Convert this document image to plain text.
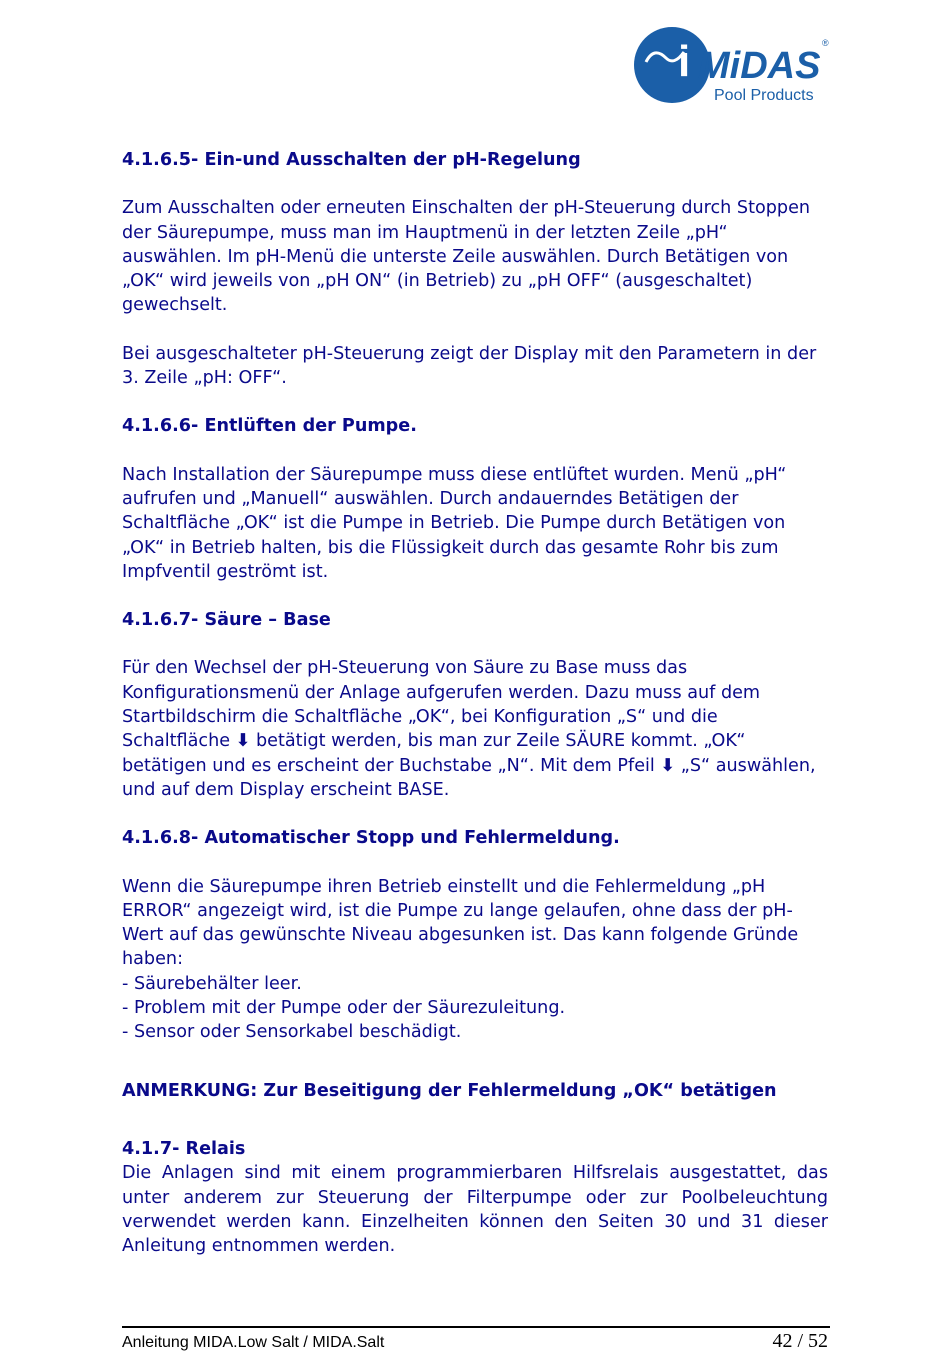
i MiDAS
®
Pool Products

4.1.6.5- Ein-und Ausschalten der pH-Regelung

Zum Ausschalten oder erneuten Einschalten der pH-Steuerung durch Stoppen der Säurepumpe, muss man im Hauptmenü in der letzten Zeile „pH“ auswählen. Im pH-Menü die unterste Zeile auswählen. Durch Betätigen von „OK“ wird jeweils von „pH ON“ (in Betrieb) zu „pH OFF“ (ausgeschaltet) gewechselt.

Bei ausgeschalteter pH-Steuerung zeigt der Display mit den Parametern in der 3. Zeile „pH: OFF“.

4.1.6.6- Entlüften der Pumpe.

Nach Installation der Säurepumpe muss diese entlüftet wurden. Menü „pH“ aufrufen und „Manuell“ auswählen. Durch andauerndes Betätigen der Schaltfläche „OK“ ist die Pumpe in Betrieb. Die Pumpe durch Betätigen von „OK“ in Betrieb halten, bis die Flüssigkeit durch das gesamte Rohr bis zum Impfventil geströmt ist.

4.1.6.7- Säure – Base

Für den Wechsel der pH-Steuerung von Säure zu Base muss das Konfigurationsmenü der Anlage aufgerufen werden. Dazu muss auf dem Startbildschirm die Schaltfläche „OK“, bei Konfiguration „S“ und die Schaltfläche ⬇ betätigt werden, bis man zur Zeile SÄURE kommt. „OK“ betätigen und es erscheint der Buchstabe „N“. Mit dem Pfeil ⬇ „S“ auswählen, und auf dem Display erscheint BASE.

4.1.6.8- Automatischer Stopp und Fehlermeldung.

Wenn die Säurepumpe ihren Betrieb einstellt und die Fehlermeldung „pH ERROR“ angezeigt wird, ist die Pumpe zu lange gelaufen, ohne dass der pH-Wert auf das gewünschte Niveau abgesunken ist. Das kann folgende Gründe haben:

- Säurebehälter leer.
- Problem mit der Pumpe oder der Säurezuleitung.
- Sensor oder Sensorkabel beschädigt.

ANMERKUNG: Zur Beseitigung der Fehlermeldung „OK“ betätigen

4.1.7- Relais

Die Anlagen sind mit einem programmierbaren Hilfsrelais ausgestattet, das unter anderem zur Steuerung der Filterpumpe oder zur Poolbeleuchtung verwendet werden kann. Einzelheiten können den Seiten 30 und 31 dieser Anleitung entnommen werden.

Anleitung MIDA.Low Salt / MIDA.Salt	42 / 52
